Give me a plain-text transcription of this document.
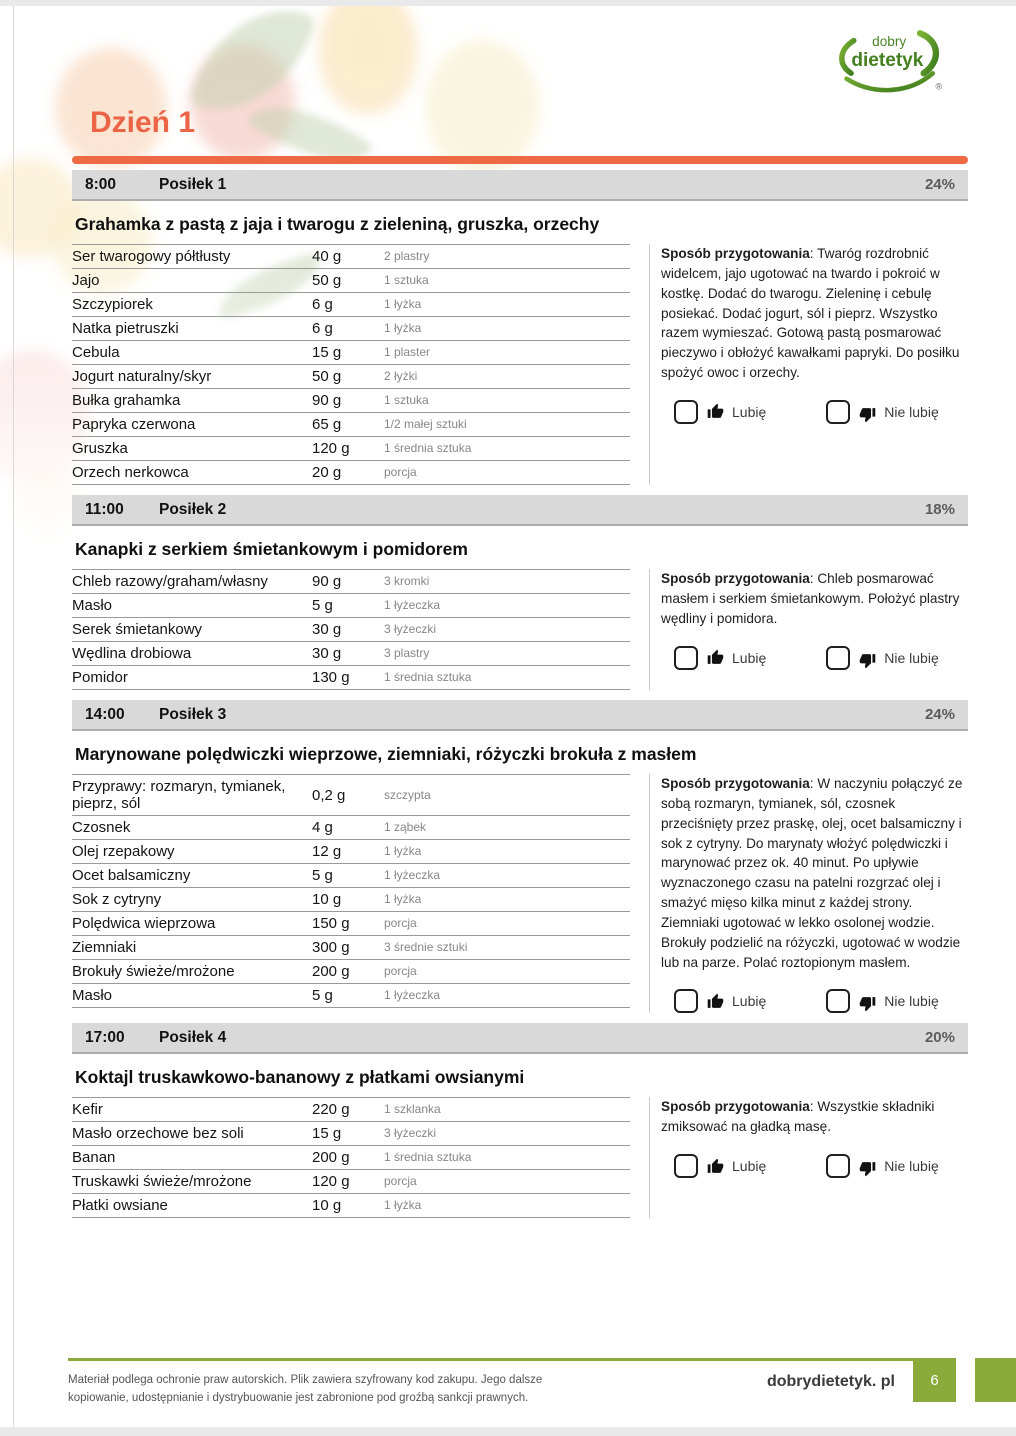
dobry
dietetyk
®
Dzień 1
8:00	Posiłek 1	24%
Grahamka z pastą z jaja i twarogu z zieleniną, gruszka, orzechy
Ser twarogowy półtłusty	40 g	2 plastry
Jajo	50 g	1 sztuka
Szczypiorek	6 g	1 łyżka
Natka pietruszki	6 g	1 łyżka
Cebula	15 g	1 plaster
Jogurt naturalny/skyr	50 g	2 łyżki
Bułka grahamka	90 g	1 sztuka
Papryka czerwona	65 g	1/2 małej sztuki
Gruszka	120 g	1 średnia sztuka
Orzech nerkowca	20 g	porcja

Sposób przygotowania: Twaróg rozdrobnić widelcem, jajo ugotować na twardo i pokroić w kostkę. Dodać do twarogu. Zieleninę i cebulę posiekać. Dodać jogurt, sól i pieprz. Wszystko razem wymieszać. Gotową pastą posmarować pieczywo i obłożyć kawałkami papryki. Do posiłku spożyć owoc i orzechy.

Lubię	Nie lubię
11:00	Posiłek 2	18%
Kanapki z serkiem śmietankowym i pomidorem
Chleb razowy/graham/własny	90 g	3 kromki
Masło	5 g	1 łyżeczka
Serek śmietankowy	30 g	3 łyżeczki
Wędlina drobiowa	30 g	3 plastry
Pomidor	130 g	1 średnia sztuka

Sposób przygotowania: Chleb posmarować masłem i serkiem śmietankowym. Położyć plastry wędliny i pomidora.

Lubię	Nie lubię
14:00	Posiłek 3	24%
Marynowane polędwiczki wieprzowe, ziemniaki, różyczki brokuła z masłem
Przyprawy: rozmaryn, tymianek, pieprz, sól	0,2 g	szczypta
Czosnek	4 g	1 ząbek
Olej rzepakowy	12 g	1 łyżka
Ocet balsamiczny	5 g	1 łyżeczka
Sok z cytryny	10 g	1 łyżka
Polędwica wieprzowa	150 g	porcja
Ziemniaki	300 g	3 średnie sztuki
Brokuły świeże/mrożone	200 g	porcja
Masło	5 g	1 łyżeczka

Sposób przygotowania: W naczyniu połączyć ze sobą rozmaryn, tymianek, sól, czosnek przeciśnięty przez praskę, olej, ocet balsamiczny i sok z cytryny. Do marynaty włożyć polędwiczki i marynować przez ok. 40 minut. Po upływie wyznaczonego czasu na patelni rozgrzać olej i smażyć mięso kilka minut z każdej strony. Ziemniaki ugotować w lekko osolonej wodzie. Brokuły podzielić na różyczki, ugotować w wodzie lub na parze. Polać roztopionym masłem.

Lubię	Nie lubię
17:00	Posiłek 4	20%
Koktajl truskawkowo-bananowy z płatkami owsianymi
Kefir	220 g	1 szklanka
Masło orzechowe bez soli	15 g	3 łyżeczki
Banan	200 g	1 średnia sztuka
Truskawki świeże/mrożone	120 g	porcja
Płatki owsiane	10 g	1 łyżka

Sposób przygotowania: Wszystkie składniki zmiksować na gładką masę.

Lubię	Nie lubię

Materiał podlega ochronie praw autorskich. Plik zawiera szyfrowany kod zakupu. Jego dalsze kopiowanie, udostępnianie i dystrybuowanie jest zabronione pod groźbą sankcji prawnych.

dobrydietetyk. pl	6
